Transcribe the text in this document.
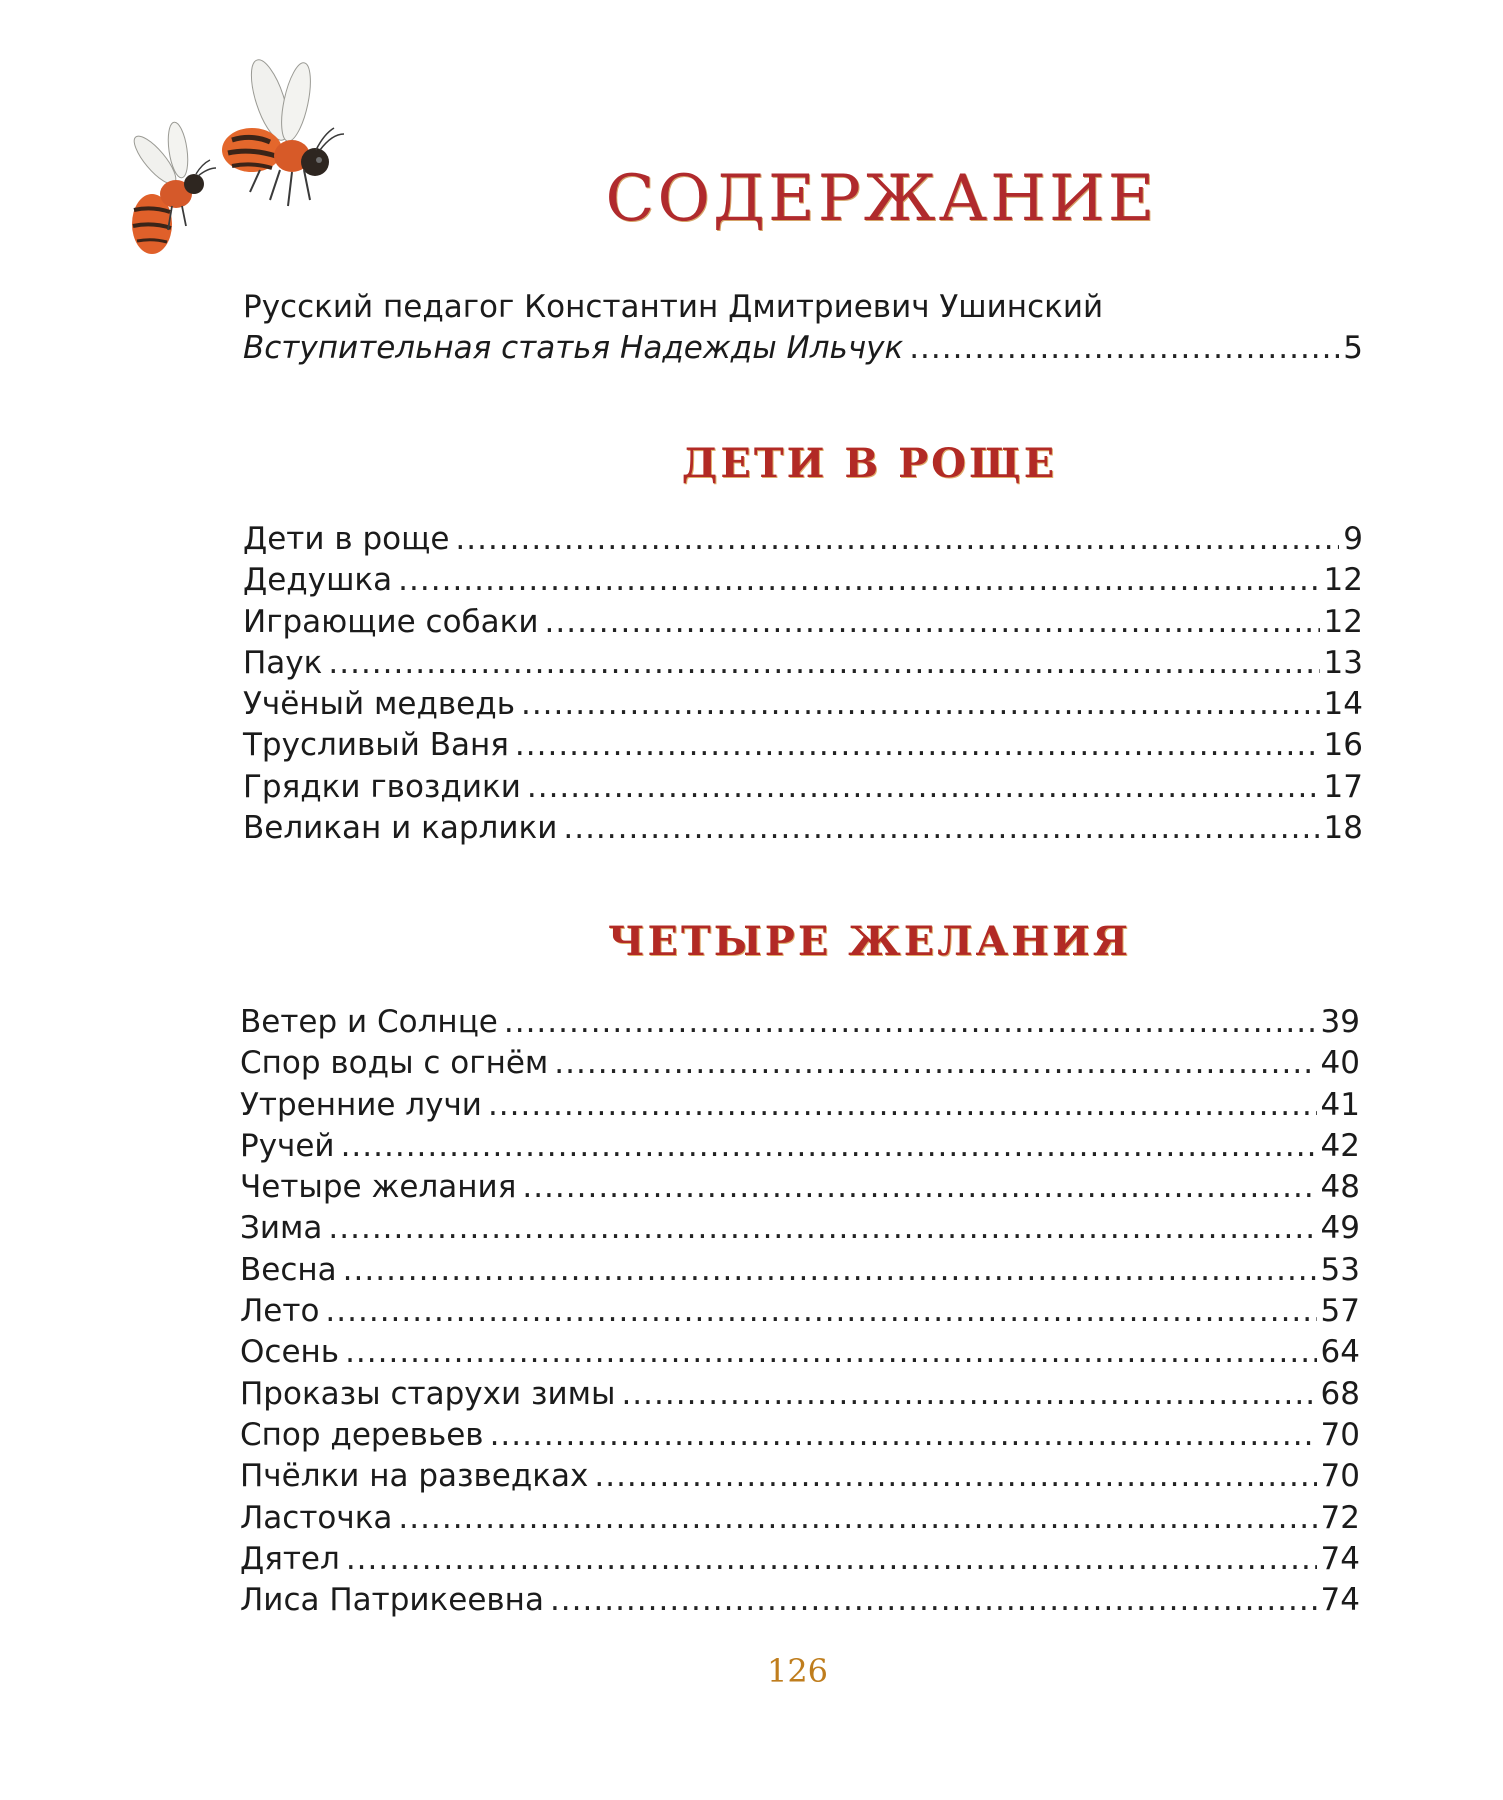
СОДЕРЖАНИЕ
Русский педагог Константин Дмитриевич Ушинский
Вступительная статья Надежды Ильчук .....	5
ДЕТИ В РОЩЕ
Дети в роще .....	9
Дедушка .....	12
Играющие собаки .....	12
Паук .....	13
Учёный медведь .....	14
Трусливый Ваня .....	16
Грядки гвоздики .....	17
Великан и карлики .....	18
ЧЕТЫРЕ ЖЕЛАНИЯ
Ветер и Солнце .....	39
Спор воды с огнём .....	40
Утренние лучи .....	41
Ручей .....	42
Четыре желания .....	48
Зима .....	49
Весна .....	53
Лето .....	57
Осень .....	64
Проказы старухи зимы .....	68
Спор деревьев .....	70
Пчёлки на разведках .....	70
Ласточка .....	72
Дятел .....	74
Лиса Патрикеевна .....	74
126
